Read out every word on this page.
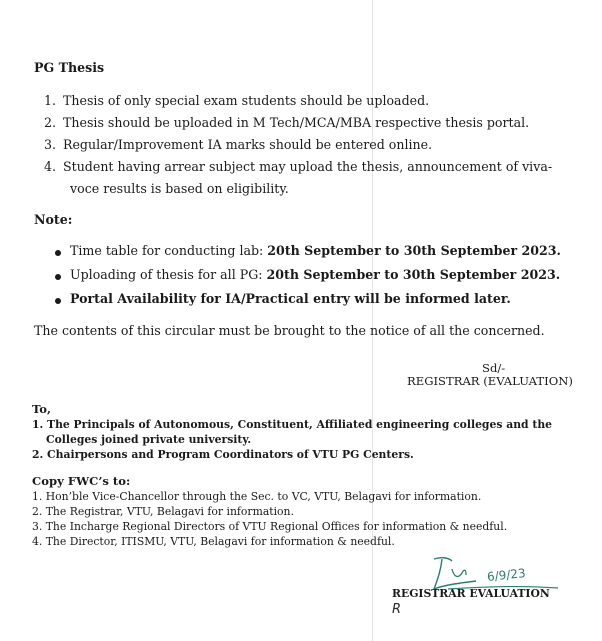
PG Thesis
1. Thesis of only special exam students should be uploaded.
2. Thesis should be uploaded in M Tech/MCA/MBA respective thesis portal.
3. Regular/Improvement IA marks should be entered online.
4. Student having arrear subject may upload the thesis, announcement of viva-
voce results is based on eligibility.
Note:
Time table for conducting lab: 20th September to 30th September 2023.
Uploading of thesis for all PG: 20th September to 30th September 2023.
Portal Availability for IA/Practical entry will be informed later.
The contents of this circular must be brought to the notice of all the concerned.
Sd/-
REGISTRAR (EVALUATION)
To,
1. The Principals of Autonomous, Constituent, Affiliated engineering colleges and the
Colleges joined private university.
2. Chairpersons and Program Coordinators of VTU PG Centers.
Copy FWC’s to:
1. Hon’ble Vice-Chancellor through the Sec. to VC, VTU, Belagavi for information.
2. The Registrar, VTU, Belagavi for information.
3. The Incharge Regional Directors of VTU Regional Offices for information & needful.
4. The Director, ITISMU, VTU, Belagavi for information & needful.
6/9/23
REGISTRAR EVALUATION
R
